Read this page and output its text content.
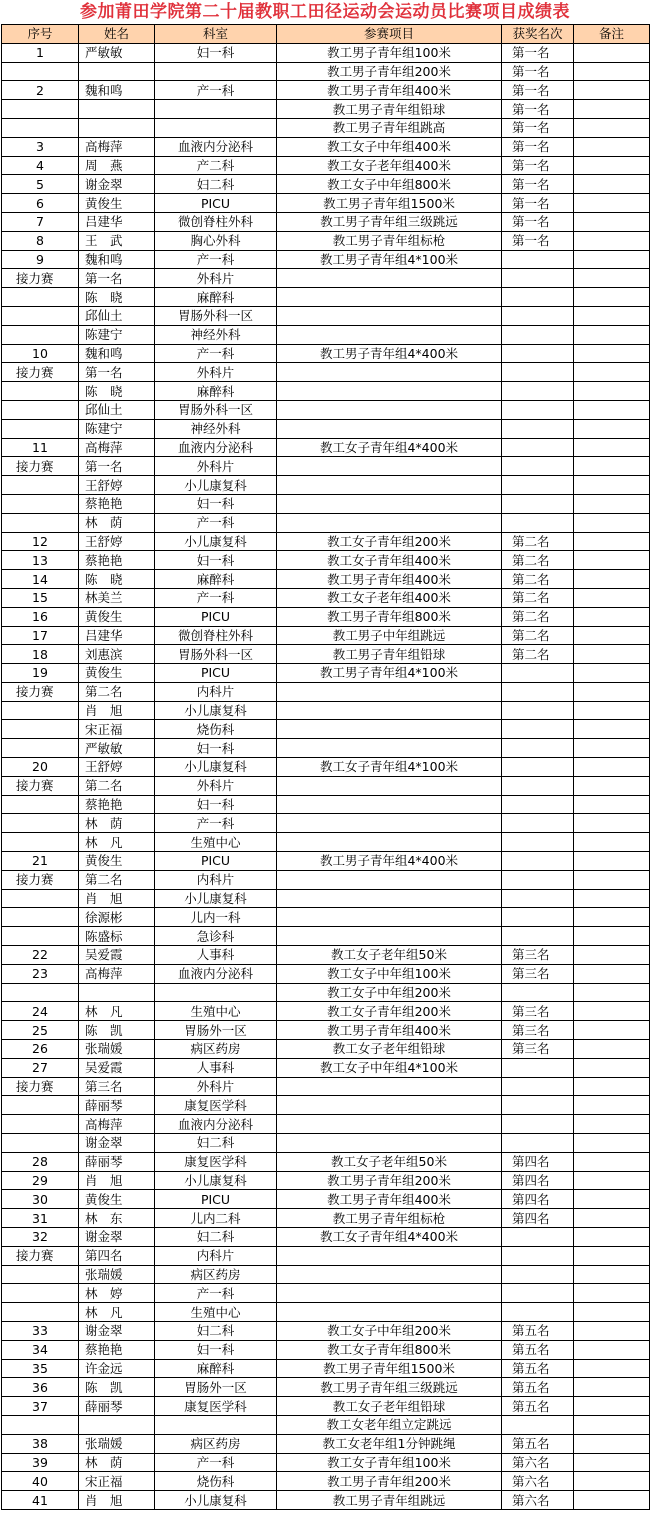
参加莆田学院第二十届教职工田径运动会运动员比赛项目成绩表
序号	姓名	科室	参赛项目	获奖名次	备注
1	严敏敏	妇一科	教工男子青年组100米	第一名	
			教工男子青年组200米	第一名	
2	魏和鸣	产一科	教工男子青年组400米	第一名	
			教工男子青年组铅球	第一名	
			教工男子青年组跳高	第一名	
3	高梅萍	血液内分泌科	教工女子中年组400米	第一名	
4	周　燕	产二科	教工女子老年组400米	第一名	
5	谢金翠	妇二科	教工女子中年组800米	第一名	
6	黄俊生	PICU	教工男子青年组1500米	第一名	
7	吕建华	微创脊柱外科	教工男子青年组三级跳远	第一名	
8	王　武	胸心外科	教工男子青年组标枪	第一名	
9	魏和鸣	产一科	教工男子青年组4*100米		
接力赛	第一名	外科片			
	陈　晓	麻醉科			
	邱仙土	胃肠外科一区			
	陈建宁	神经外科			
10	魏和鸣	产一科	教工男子青年组4*400米		
接力赛	第一名	外科片			
	陈　晓	麻醉科			
	邱仙土	胃肠外科一区			
	陈建宁	神经外科			
11	高梅萍	血液内分泌科	教工女子青年组4*400米		
接力赛	第一名	外科片			
	王舒婷	小儿康复科			
	蔡艳艳	妇一科			
	林　荫	产一科			
12	王舒婷	小儿康复科	教工女子青年组200米	第二名	
13	蔡艳艳	妇一科	教工女子青年组400米	第二名	
14	陈　晓	麻醉科	教工男子青年组400米	第二名	
15	林美兰	产一科	教工女子老年组400米	第二名	
16	黄俊生	PICU	教工男子青年组800米	第二名	
17	吕建华	微创脊柱外科	教工男子中年组跳远	第二名	
18	刘惠滨	胃肠外科一区	教工男子青年组铅球	第二名	
19	黄俊生	PICU	教工男子青年组4*100米		
接力赛	第二名	内科片			
	肖　旭	小儿康复科			
	宋正福	烧伤科			
	严敏敏	妇一科			
20	王舒婷	小儿康复科	教工女子青年组4*100米		
接力赛	第二名	外科片			
	蔡艳艳	妇一科			
	林　荫	产一科			
	林　凡	生殖中心			
21	黄俊生	PICU	教工男子青年组4*400米		
接力赛	第二名	内科片			
	肖　旭	小儿康复科			
	徐源彬	儿内一科			
	陈盛标	急诊科			
22	吴爱霞	人事科	教工女子老年组50米	第三名	
23	高梅萍	血液内分泌科	教工女子中年组100米	第三名	
			教工女子中年组200米		
24	林　凡	生殖中心	教工女子青年组200米	第三名	
25	陈　凯	胃肠外一区	教工男子青年组400米	第三名	
26	张瑞媛	病区药房	教工女子老年组铅球	第三名	
27	吴爱霞	人事科	教工女子中年组4*100米		
接力赛	第三名	外科片			
	薛丽琴	康复医学科			
	高梅萍	血液内分泌科			
	谢金翠	妇二科			
28	薛丽琴	康复医学科	教工女子老年组50米	第四名	
29	肖　旭	小儿康复科	教工男子青年组200米	第四名	
30	黄俊生	PICU	教工男子青年组400米	第四名	
31	林　东	儿内二科	教工男子青年组标枪	第四名	
32	谢金翠	妇二科	教工女子青年组4*400米		
接力赛	第四名	内科片			
	张瑞媛	病区药房			
	林　婷	产一科			
	林　凡	生殖中心			
33	谢金翠	妇二科	教工女子中年组200米	第五名	
34	蔡艳艳	妇一科	教工女子青年组800米	第五名	
35	许金远	麻醉科	教工男子青年组1500米	第五名	
36	陈　凯	胃肠外一区	教工男子青年组三级跳远	第五名	
37	薛丽琴	康复医学科	教工女子老年组铅球	第五名	
			教工女老年组立定跳远		
38	张瑞媛	病区药房	教工女老年组1分钟跳绳	第五名	
39	林　荫	产一科	教工女子青年组100米	第六名	
40	宋正福	烧伤科	教工男子青年组200米	第六名	
41	肖　旭	小儿康复科	教工男子青年组跳远	第六名	
